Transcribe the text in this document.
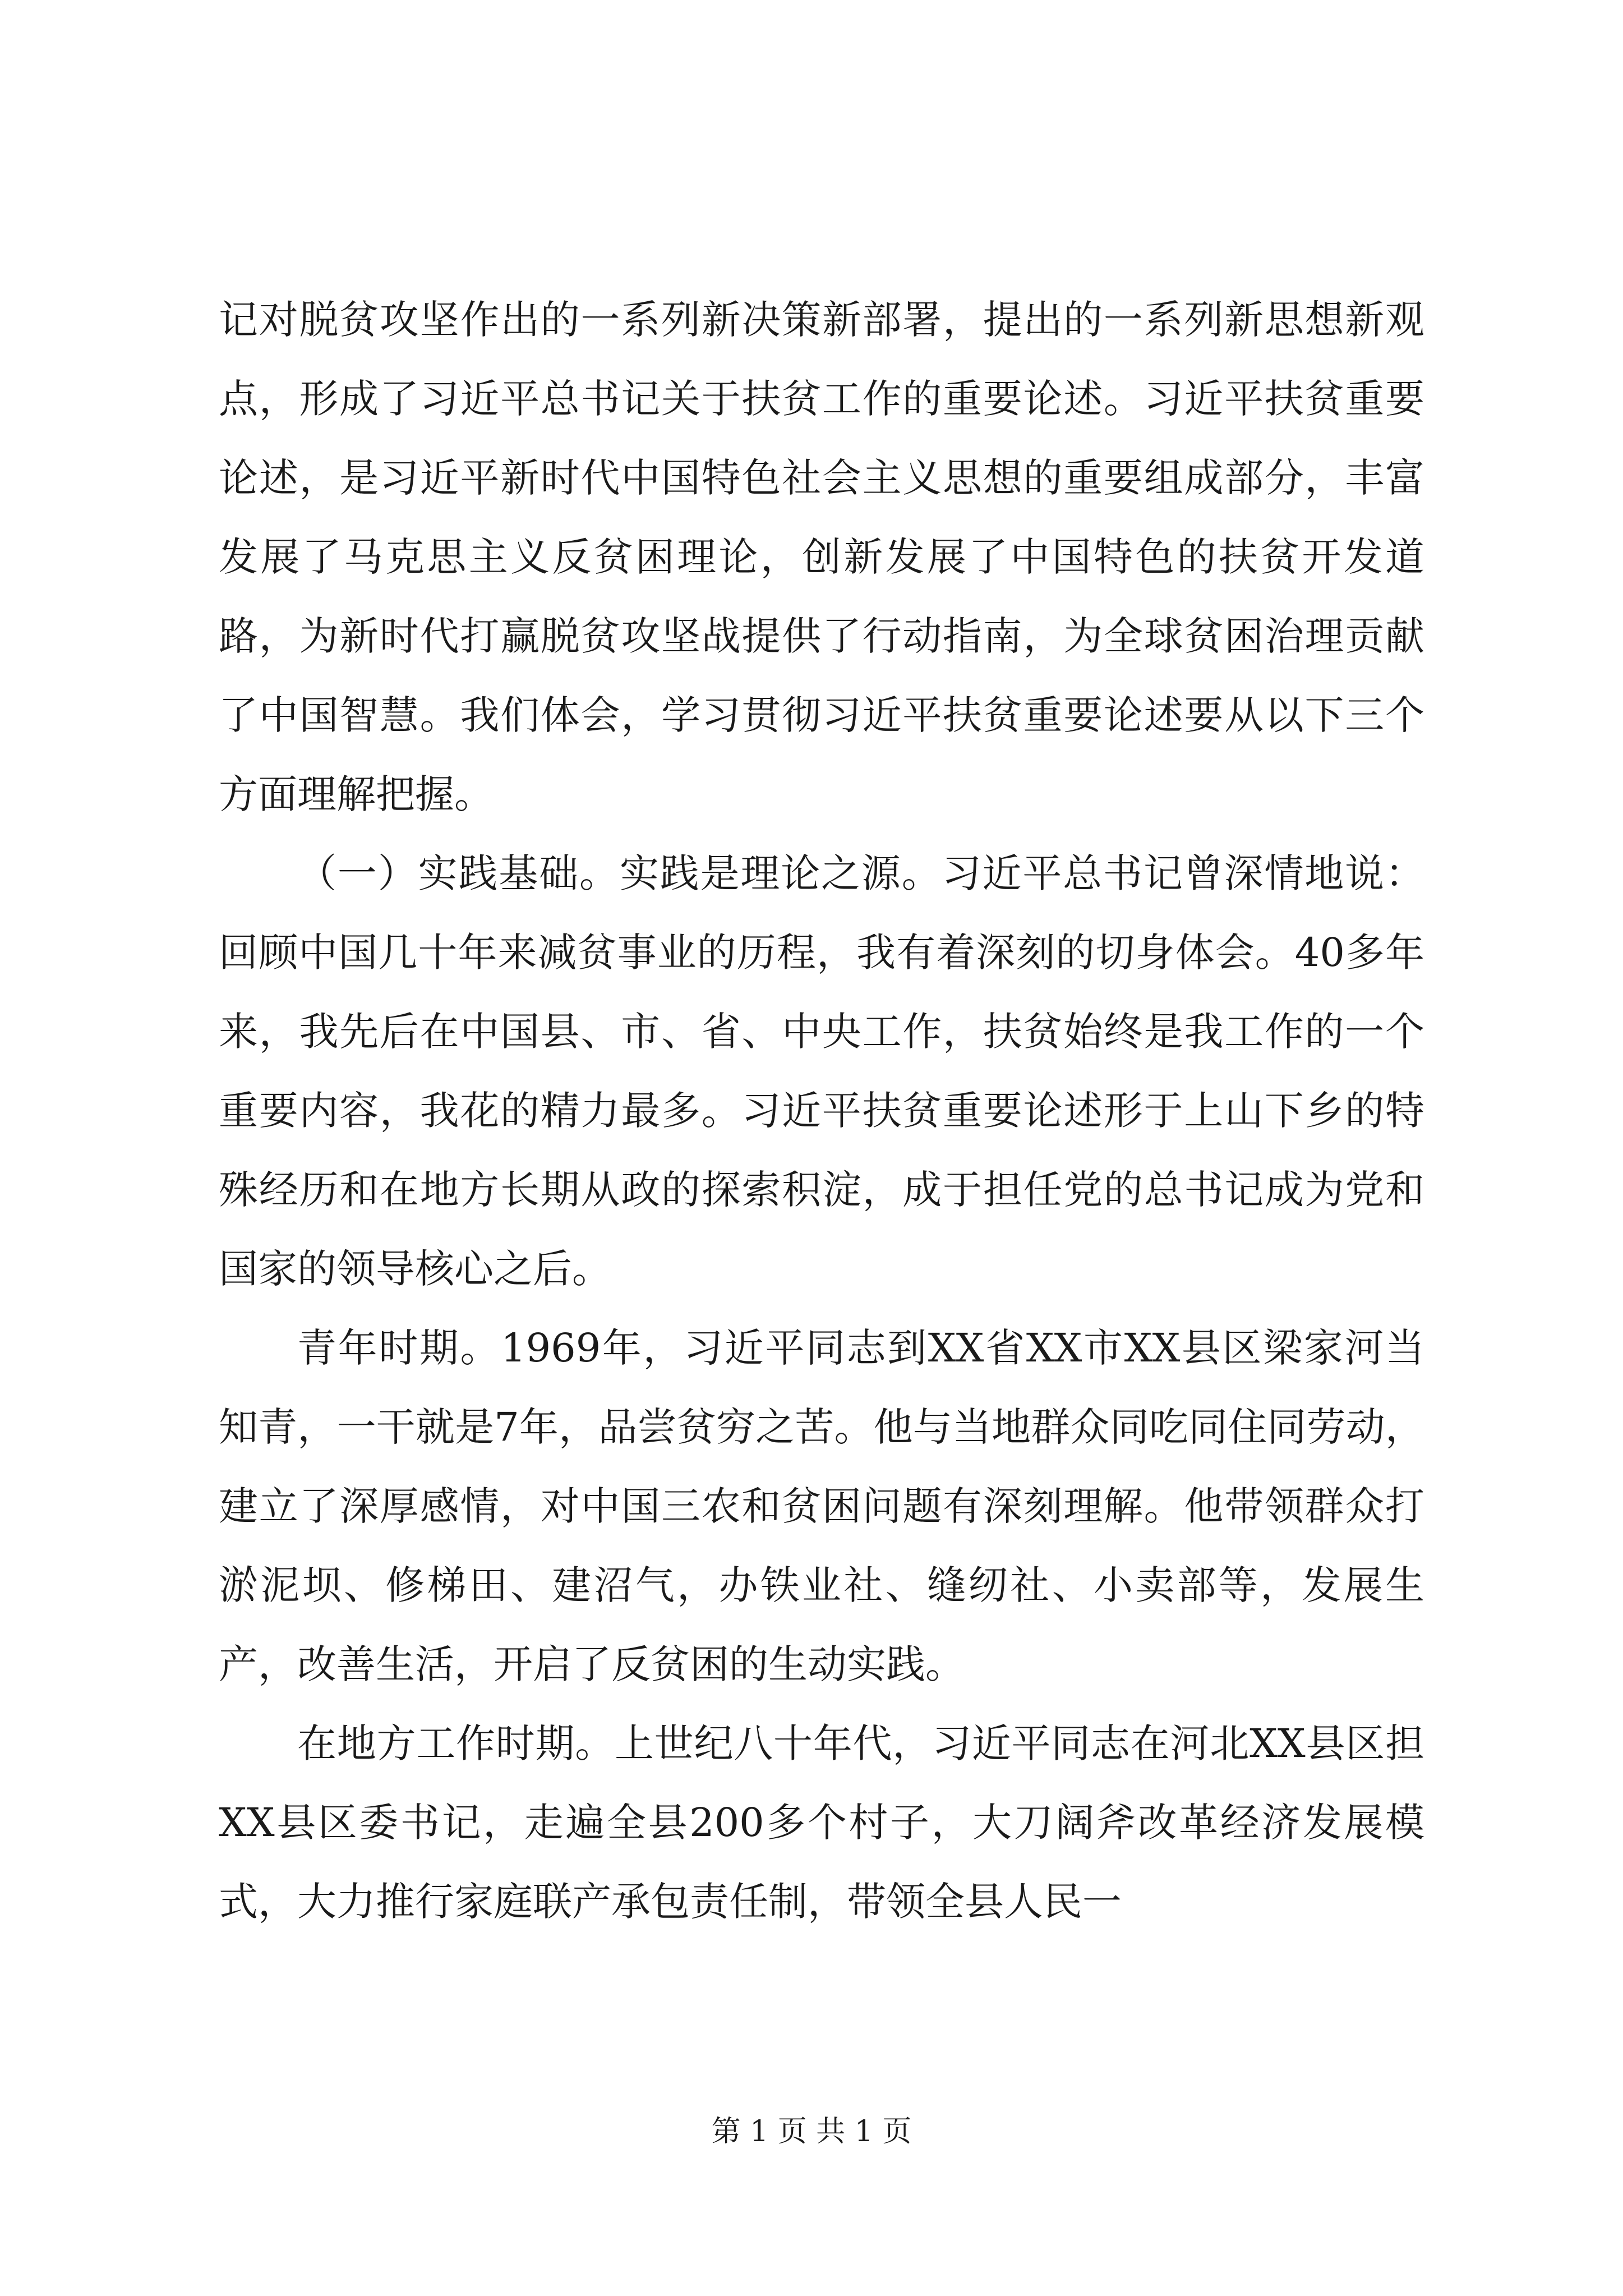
记对脱贫攻坚作出的一系列新决策新部署，提出的一系列新思想新观点，形成了习近平总书记关于扶贫工作的重要论述。习近平扶贫重要论述，是习近平新时代中国特色社会主义思想的重要组成部分，丰富发展了马克思主义反贫困理论，创新发展了中国特色的扶贫开发道路，为新时代打赢脱贫攻坚战提供了行动指南，为全球贫困治理贡献了中国智慧。我们体会，学习贯彻习近平扶贫重要论述要从以下三个方面理解把握。

（一）实践基础。实践是理论之源。习近平总书记曾深情地说：回顾中国几十年来减贫事业的历程，我有着深刻的切身体会。40多年来，我先后在中国县、市、省、中央工作，扶贫始终是我工作的一个重要内容，我花的精力最多。习近平扶贫重要论述形于上山下乡的特殊经历和在地方长期从政的探索积淀，成于担任党的总书记成为党和国家的领导核心之后。

青年时期。1969年，习近平同志到XX省XX市XX县区梁家河当知青，一干就是7年，品尝贫穷之苦。他与当地群众同吃同住同劳动，建立了深厚感情，对中国三农和贫困问题有深刻理解。他带领群众打淤泥坝、修梯田、建沼气，办铁业社、缝纫社、小卖部等，发展生产，改善生活，开启了反贫困的生动实践。

在地方工作时期。上世纪八十年代，习近平同志在河北XX县区担XX县区委书记，走遍全县200多个村子，大刀阔斧改革经济发展模式，大力推行家庭联产承包责任制，带领全县人民一

第 1 页 共 1 页
